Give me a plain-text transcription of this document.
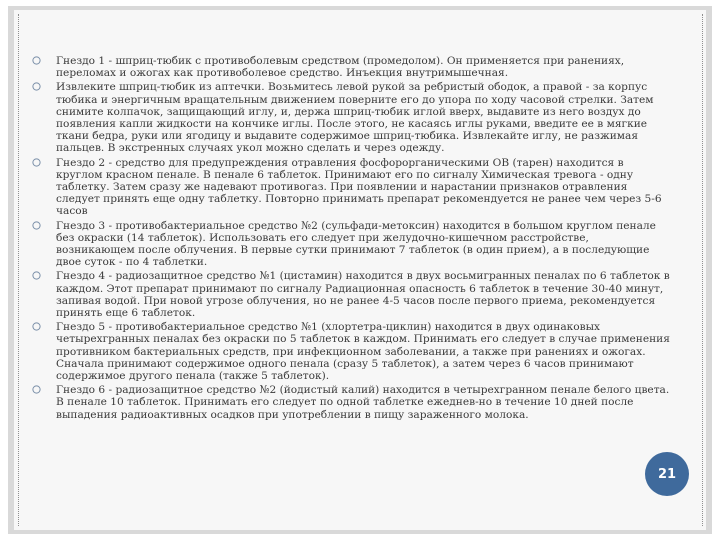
Гнездо 1 - шприц-тюбик с противоболевым средством (промедолом). Он применяется при ранениях, переломах и ожогах как противоболевое средство. Инъекция внутримышечная.
Извлеките шприц-тюбик из аптечки. Возьмитесь левой рукой за ребристый ободок, а правой - за корпус тюбика и энергичным вращательным движением поверните его до упора по ходу часовой стрелки. Затем снимите колпачок, защищающий иглу, и, держа шприц-тюбик иглой вверх, выдавите из него воздух до появления капли жидкости на кончике иглы. После этого, не касаясь иглы руками, введите ее в мягкие ткани бедра, руки или ягодицу и выдавите содержимое шприц-тюбика. Извлекайте иглу, не разжимая пальцев. В экстренных случаях укол можно сделать и через одежду.
Гнездо 2 - средство для предупреждения отравления фосфорорганическими ОВ (тарен) находится в круглом красном пенале. В пенале 6 таблеток. Принимают его по сигналу Химическая тревога - одну таблетку. Затем сразу же надевают противогаз. При появлении и нарастании признаков отравления следует принять еще одну таблетку. Повторно принимать препарат рекомендуется не ранее чем через 5-6 часов
Гнездо 3 - противобактериальное средство №2 (сульфади-метоксин) находится в большом круглом пенале без окраски (14 таблеток). Использовать его следует при желудочно-кишечном расстройстве, возникающем после облучения. В первые сутки принимают 7 таблеток (в один прием), а в последующие двое суток - по 4 таблетки.
Гнездо 4 - радиозащитное средство №1 (цистамин) находится в двух восьмигранных пеналах по 6 таблеток в каждом. Этот препарат принимают по сигналу Радиационная опасность 6 таблеток в течение 30-40 минут, запивая водой. При новой угрозе облучения, но не ранее 4-5 часов после первого приема, рекомендуется принять еще 6 таблеток.
Гнездо 5 - противобактериальное средство №1 (хлортетра-циклин) находится в двух одинаковых четырехгранных пеналах без окраски по 5 таблеток в каждом. Принимать его следует в случае применения противником бактериальных средств, при инфекционном заболевании, а также при ранениях и ожогах. Сначала принимают содержимое одного пенала (сразу 5 таблеток), а затем через 6 часов принимают содержимое другого пенала (также 5 таблеток).
Гнездо 6 - радиозащитное средство №2 (йодистый калий) находится в четырехгранном пенале белого цвета. В пенале 10 таблеток. Принимать его следует по одной таблетке ежеднев-но в течение 10 дней после выпадения радиоактивных осадков при употреблении в пищу зараженного молока.
21
